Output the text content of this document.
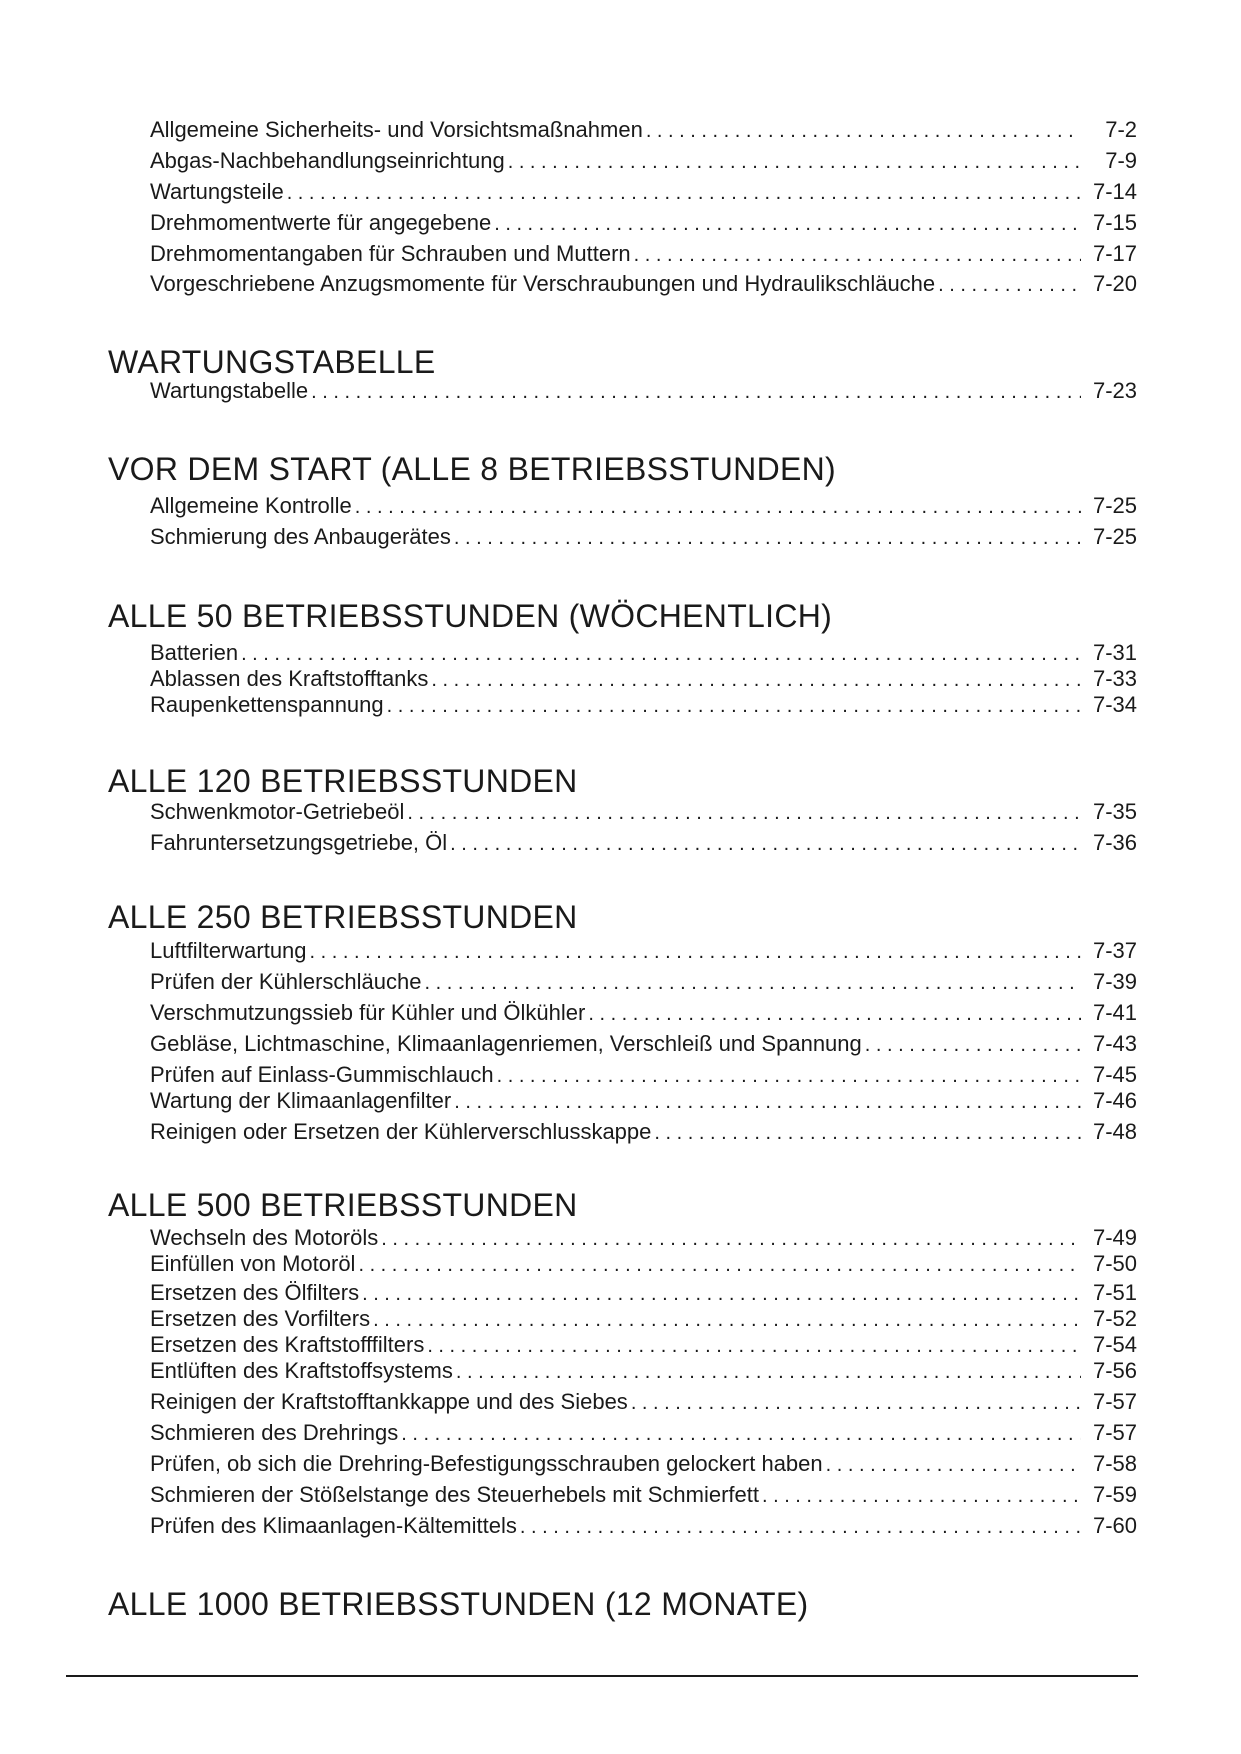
Allgemeine Sicherheits- und Vorsichtsmaßnahmen . . .	7-2
Abgas-Nachbehandlungseinrichtung . . .	7-9
Wartungsteile . . .	7-14
Drehmomentwerte für angegebene . . .	7-15
Drehmomentangaben für Schrauben und Muttern . . .	7-17
Vorgeschriebene Anzugsmomente für Verschraubungen und Hydraulikschläuche . . .	7-20
WARTUNGSTABELLE
Wartungstabelle . . .	7-23
VOR DEM START (ALLE 8 BETRIEBSSTUNDEN)
Allgemeine Kontrolle . . .	7-25
Schmierung des Anbaugerätes . . .	7-25
ALLE 50 BETRIEBSSTUNDEN (WÖCHENTLICH)
Batterien . . .	7-31
Ablassen des Kraftstofftanks . . .	7-33
Raupenkettenspannung . . .	7-34
ALLE 120 BETRIEBSSTUNDEN
Schwenkmotor-Getriebeöl . . .	7-35
Fahruntersetzungsgetriebe, Öl . . .	7-36
ALLE 250 BETRIEBSSTUNDEN
Luftfilterwartung . . .	7-37
Prüfen der Kühlerschläuche . . .	7-39
Verschmutzungssieb für Kühler und Ölkühler . . .	7-41
Gebläse, Lichtmaschine, Klimaanlagenriemen, Verschleiß und Spannung . . .	7-43
Prüfen auf Einlass-Gummischlauch . . .	7-45
Wartung der Klimaanlagenfilter . . .	7-46
Reinigen oder Ersetzen der Kühlerverschlusskappe . . .	7-48
ALLE 500 BETRIEBSSTUNDEN
Wechseln des Motoröls . . .	7-49
Einfüllen von Motoröl . . .	7-50
Ersetzen des Ölfilters . . .	7-51
Ersetzen des Vorfilters . . .	7-52
Ersetzen des Kraftstofffilters . . .	7-54
Entlüften des Kraftstoffsystems . . .	7-56
Reinigen der Kraftstofftankkappe und des Siebes . . .	7-57
Schmieren des Drehrings . . .	7-57
Prüfen, ob sich die Drehring-Befestigungsschrauben gelockert haben . . .	7-58
Schmieren der Stößelstange des Steuerhebels mit Schmierfett . . .	7-59
Prüfen des Klimaanlagen-Kältemittels . . .	7-60
ALLE 1000 BETRIEBSSTUNDEN (12 MONATE)
